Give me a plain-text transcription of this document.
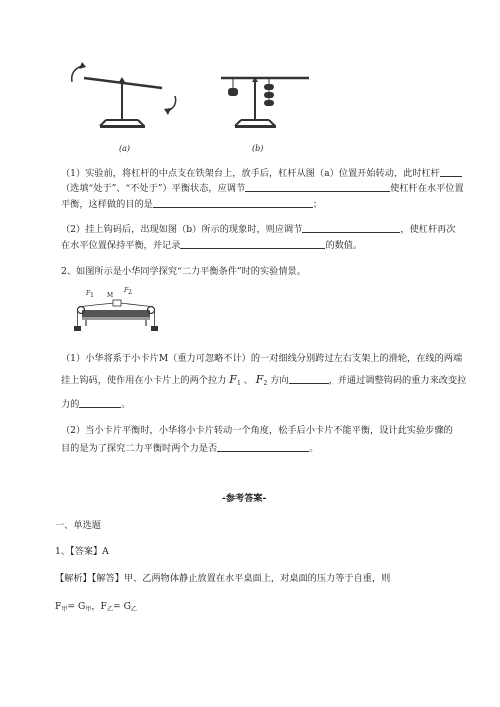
(a)	(b)
（1）实验前，将杠杆的中点支在铁架台上，放手后，杠杆从图（a）位置开始转动，此时杠杆
（选填“处于”、“不处于”）平衡状态，应调节	使杠杆在水平位置
平衡，这样做的目的是	；
（2）挂上钩码后，出现如图（b）所示的现象时，则应调节	，使杠杆再次
在水平位置保持平衡，并记录	的数值。
2、如图所示是小华同学探究“二力平衡条件”时的实验情景。
F1 M
F2
（1）小华将系于小卡片M（重力可忽略不计）的一对细线分别跨过左右支架上的滑轮，在线的两端
挂上钩码，使作用在小卡片上的两个拉力 $F_1$ 、 $F_2$ 方向	，并通过调整钩码的重力来改变拉
力的	。
（2）当小卡片平衡时，小华将小卡片转动一个角度，松手后小卡片不能平衡，设计此实验步骤的
目的是为了探究二力平衡时两个力是否	。
-参考答案-
一、单选题
1、【答案】A
【解析】【解答】甲、乙两物体静止放置在水平桌面上，对桌面的压力等于自重，则
$F_甲= G_甲$，$F_乙= G_乙$
